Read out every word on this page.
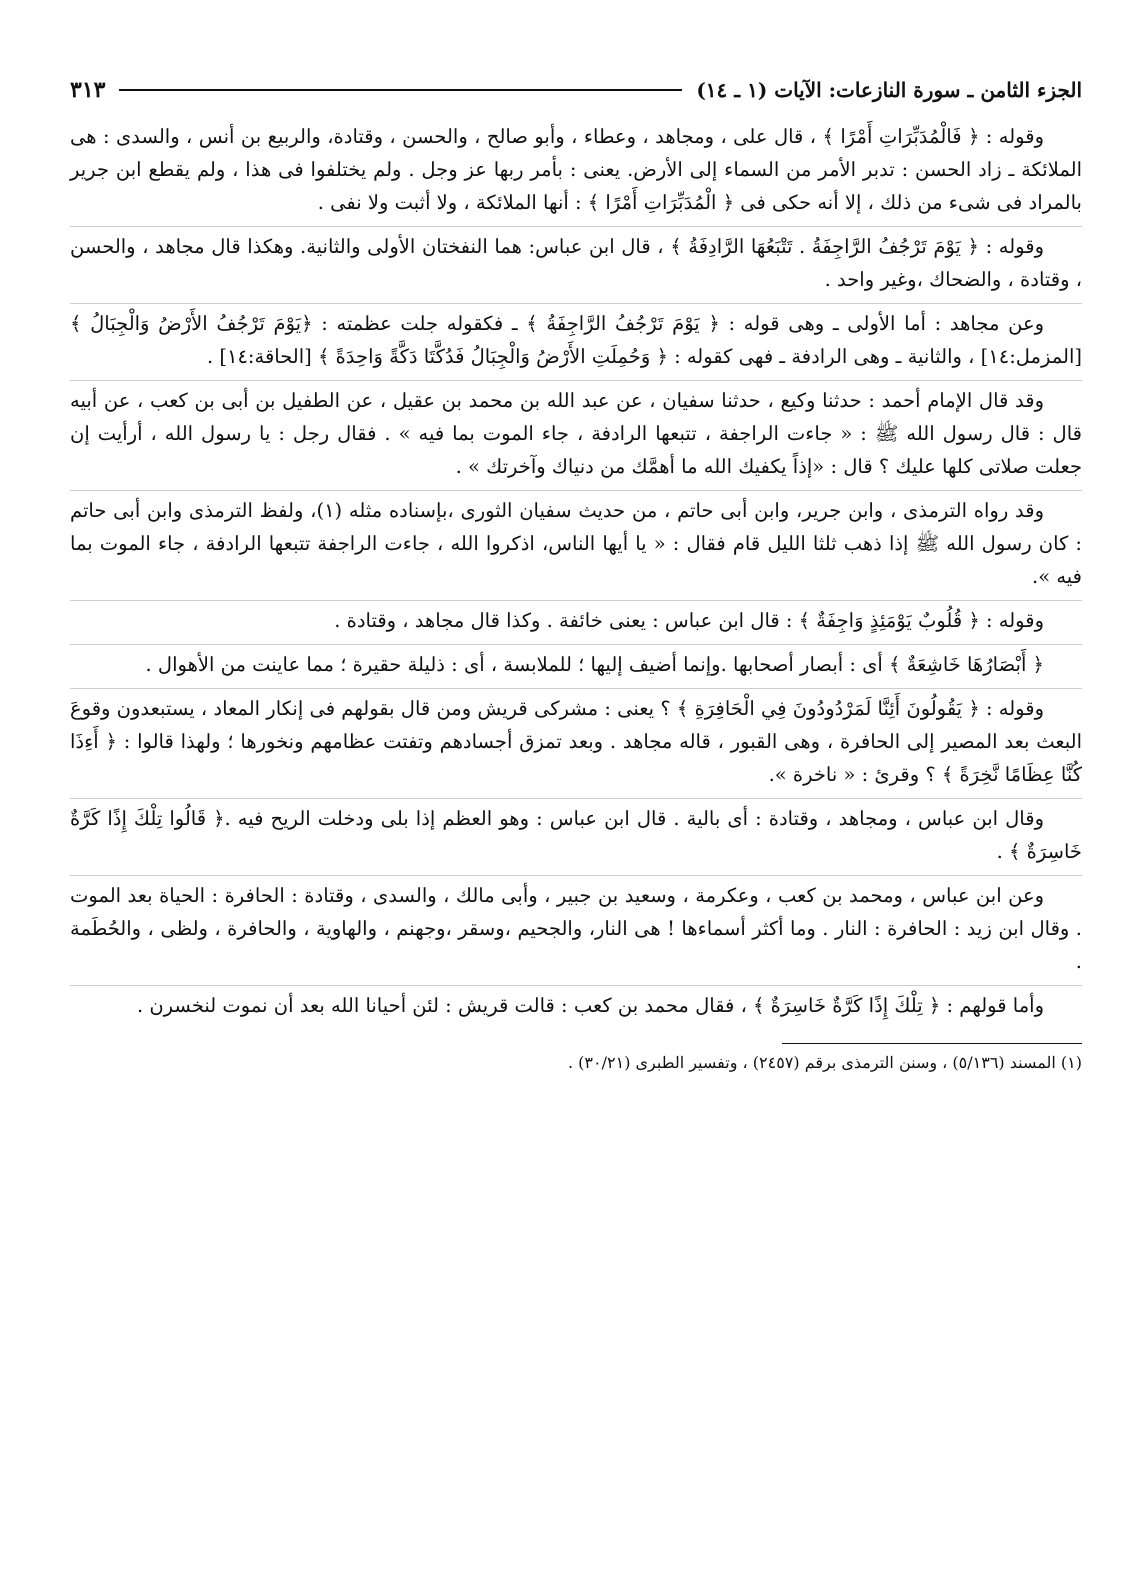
الجزء الثامن ـ سورة النازعات: الآيات (١ ـ ١٤)
٣١٣

وقوله : ﴿ فَالْمُدَبِّرَاتِ أَمْرًا ﴾ ، قال على ، ومجاهد ، وعطاء ، وأبو صالح ، والحسن ، وقتادة، والربيع بن أنس ، والسدى : هى الملائكة ـ زاد الحسن : تدبر الأمر من السماء إلى الأرض. يعنى : بأمر ربها عز وجل . ولم يختلفوا فى هذا ، ولم يقطع ابن جرير بالمراد فى شىء من ذلك ، إلا أنه حكى فى ﴿ الْمُدَبِّرَاتِ أَمْرًا ﴾ : أنها الملائكة ، ولا أثبت ولا نفى .

وقوله : ﴿ يَوْمَ تَرْجُفُ الرَّاجِفَةُ . تَتْبَعُهَا الرَّادِفَةُ ﴾ ، قال ابن عباس: هما النفختان الأولى والثانية. وهكذا قال مجاهد ، والحسن ، وقتادة ، والضحاك ،وغير واحد .

وعن مجاهد : أما الأولى ـ وهى قوله : ﴿ يَوْمَ تَرْجُفُ الرَّاجِفَةُ ﴾ ـ فكقوله جلت عظمته : ﴿يَوْمَ تَرْجُفُ الأَرْضُ وَالْجِبَالُ ﴾ [المزمل:١٤] ، والثانية ـ وهى الرادفة ـ فهى كقوله : ﴿ وَحُمِلَتِ الأَرْضُ وَالْجِبَالُ فَدُكَّتَا دَكَّةً وَاحِدَةً ﴾ [الحاقة:١٤] .

وقد قال الإمام أحمد : حدثنا وكيع ، حدثنا سفيان ، عن عبد الله بن محمد بن عقيل ، عن الطفيل بن أبى بن كعب ، عن أبيه قال : قال رسول الله ﷺ : « جاءت الراجفة ، تتبعها الرادفة ، جاء الموت بما فيه » . فقال رجل : يا رسول الله ، أرأيت إن جعلت صلاتى كلها عليك ؟ قال : «إذاً يكفيك الله ما أهمَّك من دنياك وآخرتك » .

وقد رواه الترمذى ، وابن جرير، وابن أبى حاتم ، من حديث سفيان الثورى ،بإسناده مثله (١)، ولفظ الترمذى وابن أبى حاتم : كان رسول الله ﷺ إذا ذهب ثلثا الليل قام فقال : « يا أيها الناس، اذكروا الله ، جاءت الراجفة تتبعها الرادفة ، جاء الموت بما فيه ».

وقوله : ﴿ قُلُوبٌ يَوْمَئِذٍ وَاجِفَةٌ ﴾ : قال ابن عباس : يعنى خائفة . وكذا قال مجاهد ، وقتادة .

﴿ أَبْصَارُهَا خَاشِعَةٌ ﴾ أى : أبصار أصحابها .وإنما أضيف إليها ؛ للملابسة ، أى : ذليلة حقيرة ؛ مما عاينت من الأهوال .

وقوله : ﴿ يَقُولُونَ أَئِنَّا لَمَرْدُودُونَ فِي الْحَافِرَةِ ﴾ ؟ يعنى : مشركى قريش ومن قال بقولهم فى إنكار المعاد ، يستبعدون وقوعَ البعث بعد المصير إلى الحافرة ، وهى القبور ، قاله مجاهد . وبعد تمزق أجسادهم وتفتت عظامهم ونخورها ؛ ولهذا قالوا : ﴿ أَءِذَا كُنَّا عِظَامًا نَّخِرَةً ﴾ ؟ وقرئ : « ناخرة ».

وقال ابن عباس ، ومجاهد ، وقتادة : أى بالية . قال ابن عباس : وهو العظم إذا بلى ودخلت الريح فيه .﴿ قَالُوا تِلْكَ إِذًا كَرَّةٌ خَاسِرَةٌ ﴾ .

وعن ابن عباس ، ومحمد بن كعب ، وعكرمة ، وسعيد بن جبير ، وأبى مالك ، والسدى ، وقتادة : الحافرة : الحياة بعد الموت . وقال ابن زيد : الحافرة : النار . وما أكثر أسماءها ! هى النار، والجحيم ،وسقر ،وجهنم ، والهاوية ، والحافرة ، ولظى ، والحُطَمة .

وأما قولهم : ﴿ تِلْكَ إِذًا كَرَّةٌ خَاسِرَةٌ ﴾ ، فقال محمد بن كعب : قالت قريش : لئن أحيانا الله بعد أن نموت لنخسرن .

(١) المسند (٥/١٣٦) ، وسنن الترمذى برقم (٢٤٥٧) ، وتفسير الطبرى (٣٠/٢١) .
